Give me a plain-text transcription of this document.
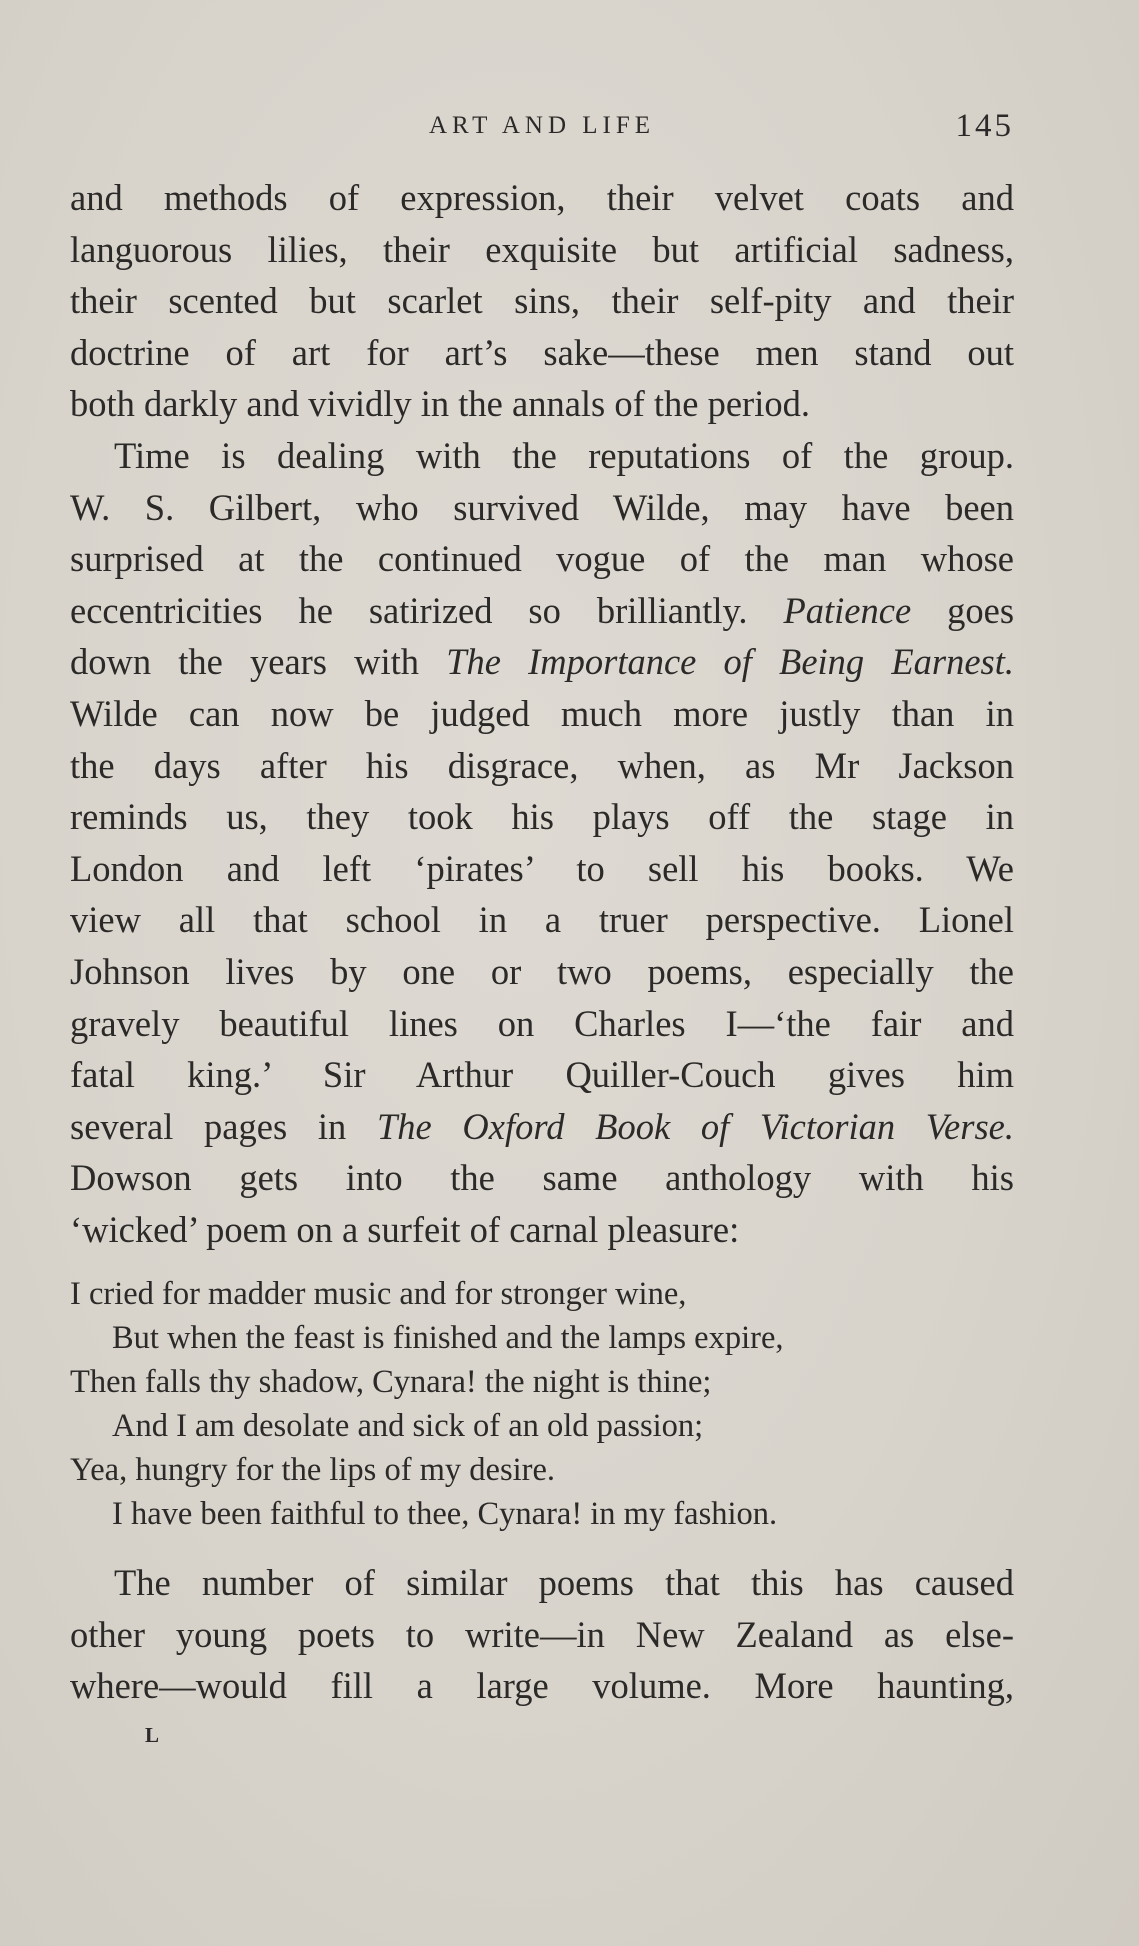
ART AND LIFE	145
and methods of expression, their velvet coats and
languorous lilies, their exquisite but artificial sadness,
their scented but scarlet sins, their self-pity and their
doctrine of art for art’s sake—these men stand out
both darkly and vividly in the annals of the period.
Time is dealing with the reputations of the group.
W. S. Gilbert, who survived Wilde, may have been
surprised at the continued vogue of the man whose
eccentricities he satirized so brilliantly. Patience goes
down the years with The Importance of Being Earnest.
Wilde can now be judged much more justly than in
the days after his disgrace, when, as Mr Jackson
reminds us, they took his plays off the stage in
London and left ‘pirates’ to sell his books. We
view all that school in a truer perspective. Lionel
Johnson lives by one or two poems, especially the
gravely beautiful lines on Charles I—‘the fair and
fatal king.’ Sir Arthur Quiller-Couch gives him
several pages in The Oxford Book of Victorian Verse.
Dowson gets into the same anthology with his
‘wicked’ poem on a surfeit of carnal pleasure:
I cried for madder music and for stronger wine,
But when the feast is finished and the lamps expire,
Then falls thy shadow, Cynara! the night is thine;
And I am desolate and sick of an old passion;
Yea, hungry for the lips of my desire.
I have been faithful to thee, Cynara! in my fashion.
The number of similar poems that this has caused
other young poets to write—in New Zealand as else-
where—would fill a large volume. More haunting,
L
